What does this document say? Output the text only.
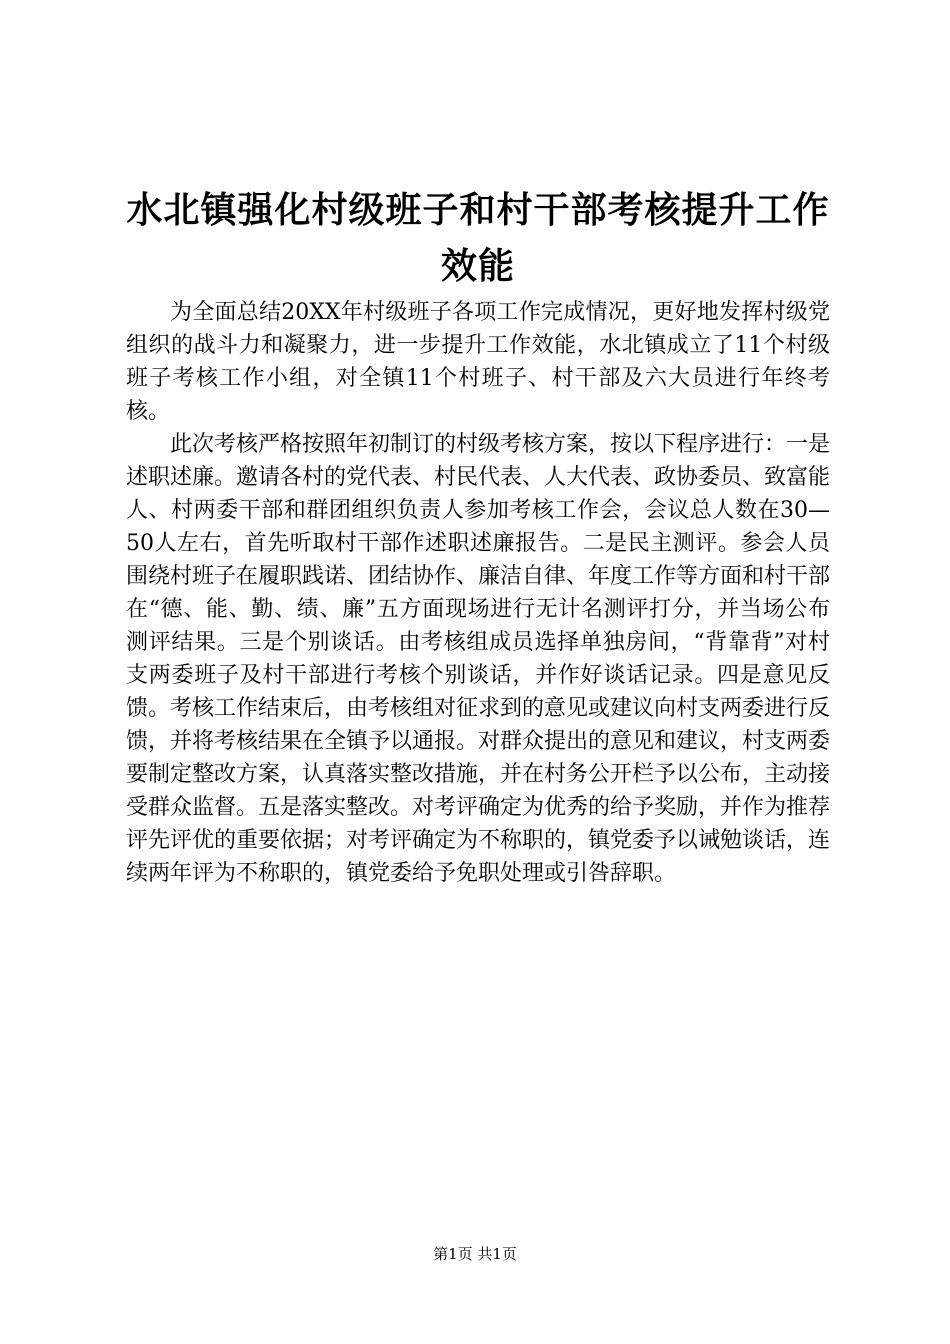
水北镇强化村级班子和村干部考核提升工作效能

为全面总结20XX年村级班子各项工作完成情况，更好地发挥村级党组织的战斗力和凝聚力，进一步提升工作效能，水北镇成立了11个村级班子考核工作小组，对全镇11个村班子、村干部及六大员进行年终考核。

此次考核严格按照年初制订的村级考核方案，按以下程序进行：一是述职述廉。邀请各村的党代表、村民代表、人大代表、政协委员、致富能人、村两委干部和群团组织负责人参加考核工作会，会议总人数在30—50人左右，首先听取村干部作述职述廉报告。二是民主测评。参会人员围绕村班子在履职践诺、团结协作、廉洁自律、年度工作等方面和村干部在“德、能、勤、绩、廉”五方面现场进行无计名测评打分，并当场公布测评结果。三是个别谈话。由考核组成员选择单独房间，“背靠背”对村支两委班子及村干部进行考核个别谈话，并作好谈话记录。四是意见反馈。考核工作结束后，由考核组对征求到的意见或建议向村支两委进行反馈，并将考核结果在全镇予以通报。对群众提出的意见和建议，村支两委要制定整改方案，认真落实整改措施，并在村务公开栏予以公布，主动接受群众监督。五是落实整改。对考评确定为优秀的给予奖励，并作为推荐评先评优的重要依据；对考评确定为不称职的，镇党委予以诫勉谈话，连续两年评为不称职的，镇党委给予免职处理或引咎辞职。

第1页 共1页
